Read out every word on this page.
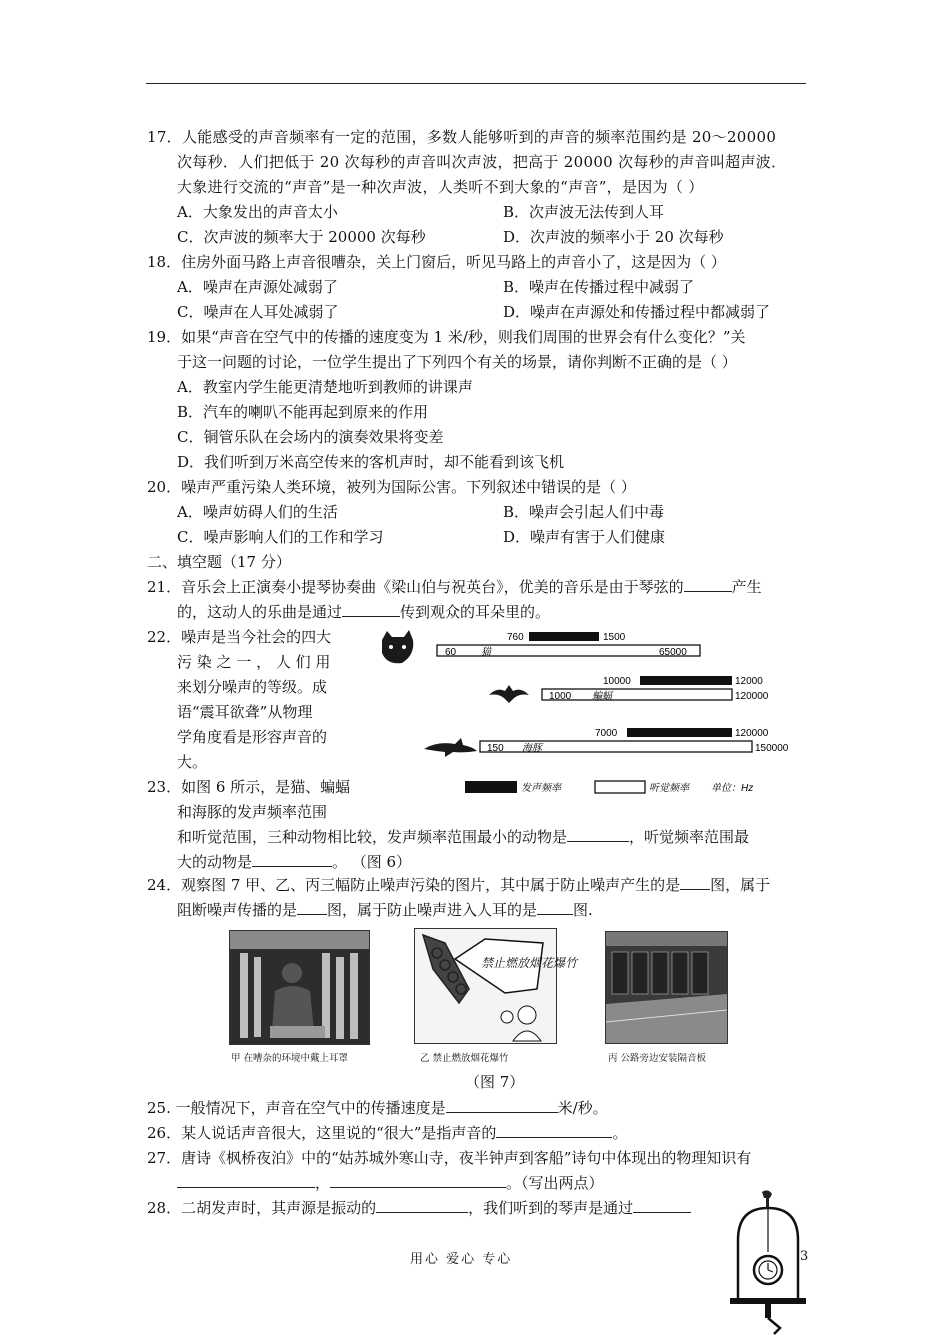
17．人能感受的声音频率有一定的范围，多数人能够听到的声音的频率范围约是 20～20000
次每秒．人们把低于 20 次每秒的声音叫次声波，把高于 20000 次每秒的声音叫超声波．
大象进行交流的“声音”是一种次声波，人类听不到大象的“声音”，是因为（ ）
A．大象发出的声音太小	B．次声波无法传到人耳
C．次声波的频率大于 20000 次每秒	D．次声波的频率小于 20 次每秒
18．住房外面马路上声音很嘈杂，关上门窗后，听见马路上的声音小了，这是因为（ ）
A．噪声在声源处减弱了	B．噪声在传播过程中减弱了
C．噪声在人耳处减弱了	D．噪声在声源处和传播过程中都减弱了
19．如果“声音在空气中的传播的速度变为 1 米/秒，则我们周围的世界会有什么变化？”关
于这一问题的讨论，一位学生提出了下列四个有关的场景，请你判断不正确的是（ ）
A．教室内学生能更清楚地听到教师的讲课声
B．汽车的喇叭不能再起到原来的作用
C．铜管乐队在会场内的演奏效果将变差
D．我们听到万米高空传来的客机声时，却不能看到该飞机
20．噪声严重污染人类环境，被列为国际公害。下列叙述中错误的是（ ）
A．噪声妨碍人们的生活	B．噪声会引起人们中毒
C．噪声影响人们的工作和学习	D．噪声有害于人们健康
二、填空题（17 分）
21．音乐会上正演奏小提琴协奏曲《梁山伯与祝英台》，优美的音乐是由于琴弦的	产生
的，这动人的乐曲是通过	传到观众的耳朵里的。
22．噪声是当今社会的四大
污 染 之 一 ， 人 们 用
来划分噪声的等级。成
语“震耳欲聋”从物理
学角度看是形容声音的
大。
23．如图 6 所示，是猫、蝙蝠
和海豚的发声频率范围
和听觉范围，三种动物相比较，发声频率范围最小的动物是	，听觉频率范围最
大的动物是	。 （图 6）
760	1500
60 猫	65000
10000	12000
1000 蝙蝠	120000
7000	120000
150 海豚	150000
发声频率	听觉频率 单位：Hz
24．观察图 7 甲、乙、丙三幅防止噪声污染的图片，其中属于防止噪声产生的是 图，属于
阻断噪声传播的是 图，属于防止噪声进入人耳的是 图.
甲 在嘈杂的环境中戴上耳罩
禁止燃放烟花爆竹
乙 禁止燃放烟花爆竹	丙 公路旁边安装隔音板
（图 7）
25. 一般情况下，声音在空气中的传播速度是	米/秒。
26．某人说话声音很大，这里说的“很大”是指声音的	。
27．唐诗《枫桥夜泊》中的“姑苏城外寒山寺，夜半钟声到客船”诗句中体现出的物理知识有
，	。（写出两点）
28．二胡发声时，其声源是振动的	，我们听到的琴声是通过
用心 爱心 专心	3
